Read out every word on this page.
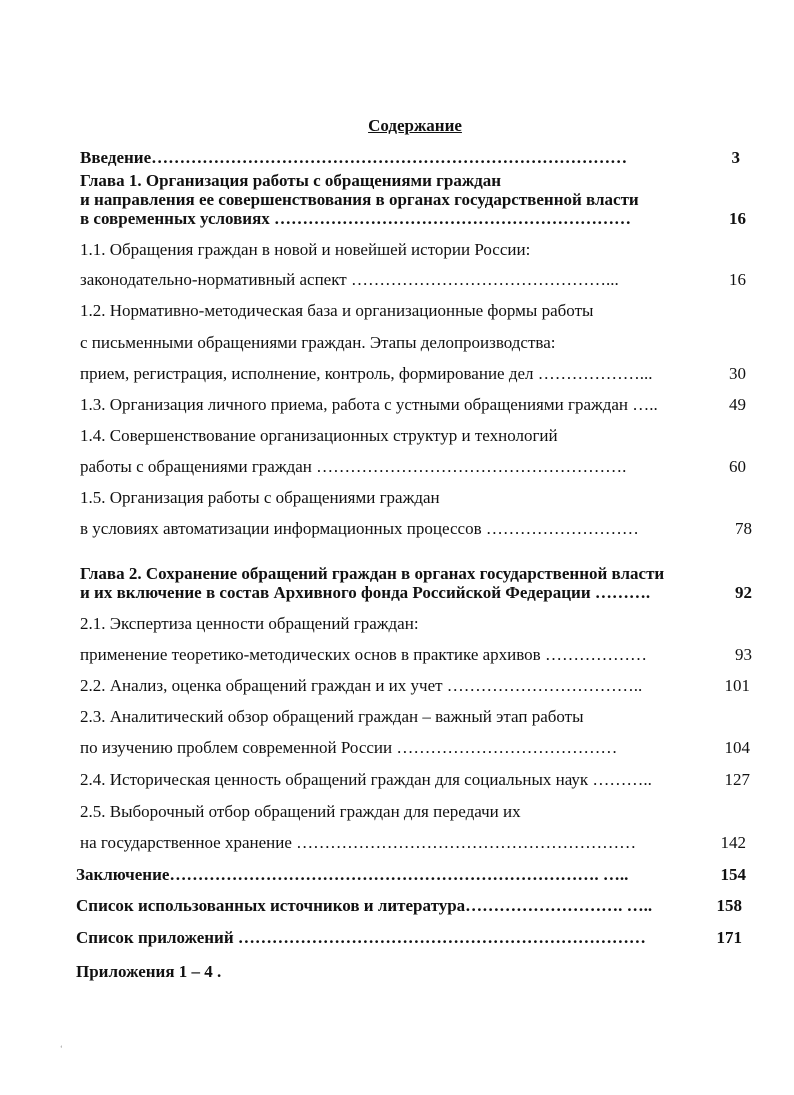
Содержание
Введение…………………………………………………………………………	3
Глава 1. Организация работы с обращениями граждан
и направления ее совершенствования в органах государственной власти
в современных условиях ………………………………………………………	16
1.1. Обращения граждан в новой и новейшей истории России:
законодательно-нормативный аспект ………………………………………...	16
1.2. Нормативно-методическая база и организационные формы работы
с письменными обращениями граждан. Этапы делопроизводства:
прием, регистрация, исполнение, контроль, формирование дел ………………...	30
1.3. Организация личного приема, работа с устными обращениями граждан …..	49
1.4. Совершенствование организационных структур и технологий
работы с обращениями граждан ……………………………………………….	60
1.5. Организация работы с обращениями граждан
в условиях автоматизации информационных процессов ………………………	78
Глава 2. Сохранение обращений граждан в органах государственной власти
и их включение в состав Архивного фонда Российской Федерации ……….	92
2.1. Экспертиза ценности обращений граждан:
применение теоретико-методических основ в практике архивов ………………	93
2.2. Анализ, оценка обращений граждан и их учет ……………………………..	101
2.3. Аналитический обзор обращений граждан – важный этап работы
по изучению проблем современной России …………………………………	104
2.4. Историческая ценность обращений граждан для социальных наук ………..	127
2.5. Выборочный отбор обращений граждан для передачи их
на государственное хранение ……………………………………………………	142
Заключение…………………………………………………………………. …..	154
Список использованных источников и литература………………………. …..	158
Список приложений ………………………………………………………………	171
Приложения 1 – 4 .
‘
